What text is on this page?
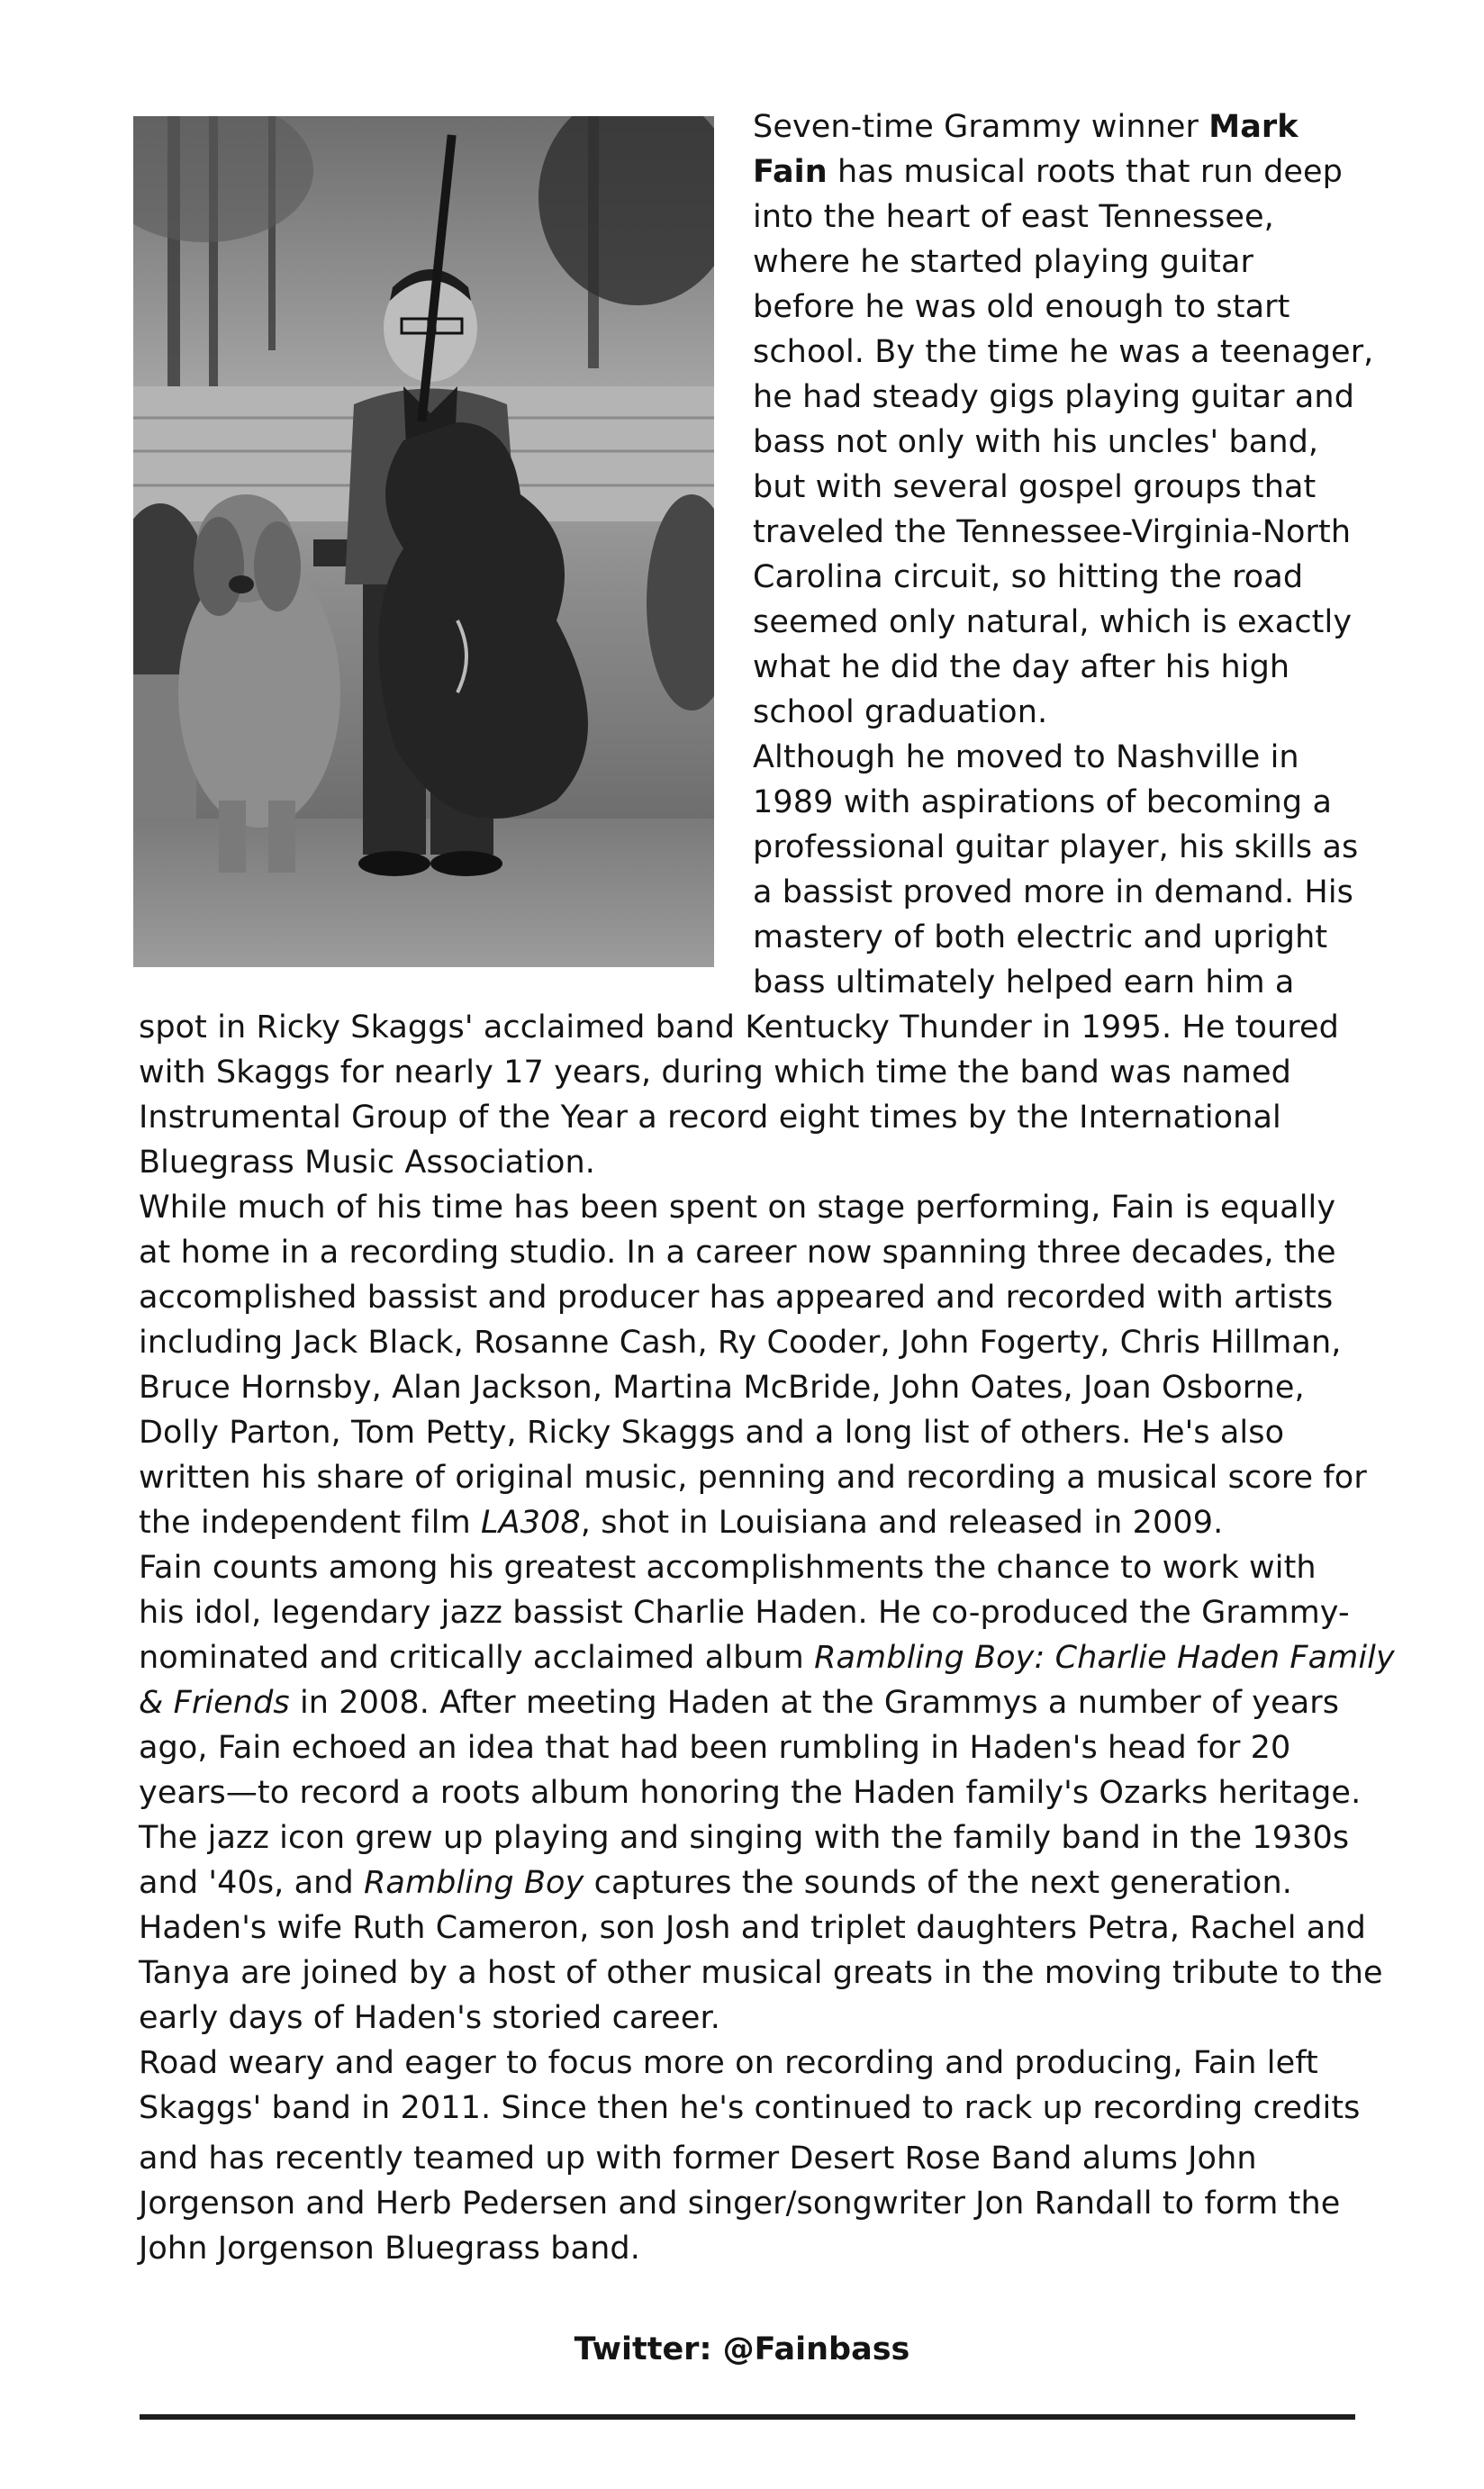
Seven-time Grammy winner Mark
Fain has musical roots that run deep
into the heart of east Tennessee,
where he started playing guitar
before he was old enough to start
school. By the time he was a teenager,
he had steady gigs playing guitar and
bass not only with his uncles' band,
but with several gospel groups that
traveled the Tennessee-Virginia-North
Carolina circuit, so hitting the road
seemed only natural, which is exactly
what he did the day after his high
school graduation.
Although he moved to Nashville in
1989 with aspirations of becoming a
professional guitar player, his skills as
a bassist proved more in demand. His
mastery of both electric and upright
bass ultimately helped earn him a
spot in Ricky Skaggs' acclaimed band Kentucky Thunder in 1995. He toured
with Skaggs for nearly 17 years, during which time the band was named
Instrumental Group of the Year a record eight times by the International
Bluegrass Music Association.
While much of his time has been spent on stage performing, Fain is equally
at home in a recording studio. In a career now spanning three decades, the
accomplished bassist and producer has appeared and recorded with artists
including Jack Black, Rosanne Cash, Ry Cooder, John Fogerty, Chris Hillman,
Bruce Hornsby, Alan Jackson, Martina McBride, John Oates, Joan Osborne,
Dolly Parton, Tom Petty, Ricky Skaggs and a long list of others. He's also
written his share of original music, penning and recording a musical score for
the independent film LA308, shot in Louisiana and released in 2009.
Fain counts among his greatest accomplishments the chance to work with
his idol, legendary jazz bassist Charlie Haden. He co-produced the Grammy-
nominated and critically acclaimed album Rambling Boy: Charlie Haden Family
& Friends in 2008. After meeting Haden at the Grammys a number of years
ago, Fain echoed an idea that had been rumbling in Haden's head for 20
years—to record a roots album honoring the Haden family's Ozarks heritage.
The jazz icon grew up playing and singing with the family band in the 1930s
and '40s, and Rambling Boy captures the sounds of the next generation.
Haden's wife Ruth Cameron, son Josh and triplet daughters Petra, Rachel and
Tanya are joined by a host of other musical greats in the moving tribute to the
early days of Haden's storied career.
Road weary and eager to focus more on recording and producing, Fain left
Skaggs' band in 2011. Since then he's continued to rack up recording credits
and has recently teamed up with former Desert Rose Band alums John
Jorgenson and Herb Pedersen and singer/songwriter Jon Randall to form the
John Jorgenson Bluegrass band.
Twitter: @Fainbass
